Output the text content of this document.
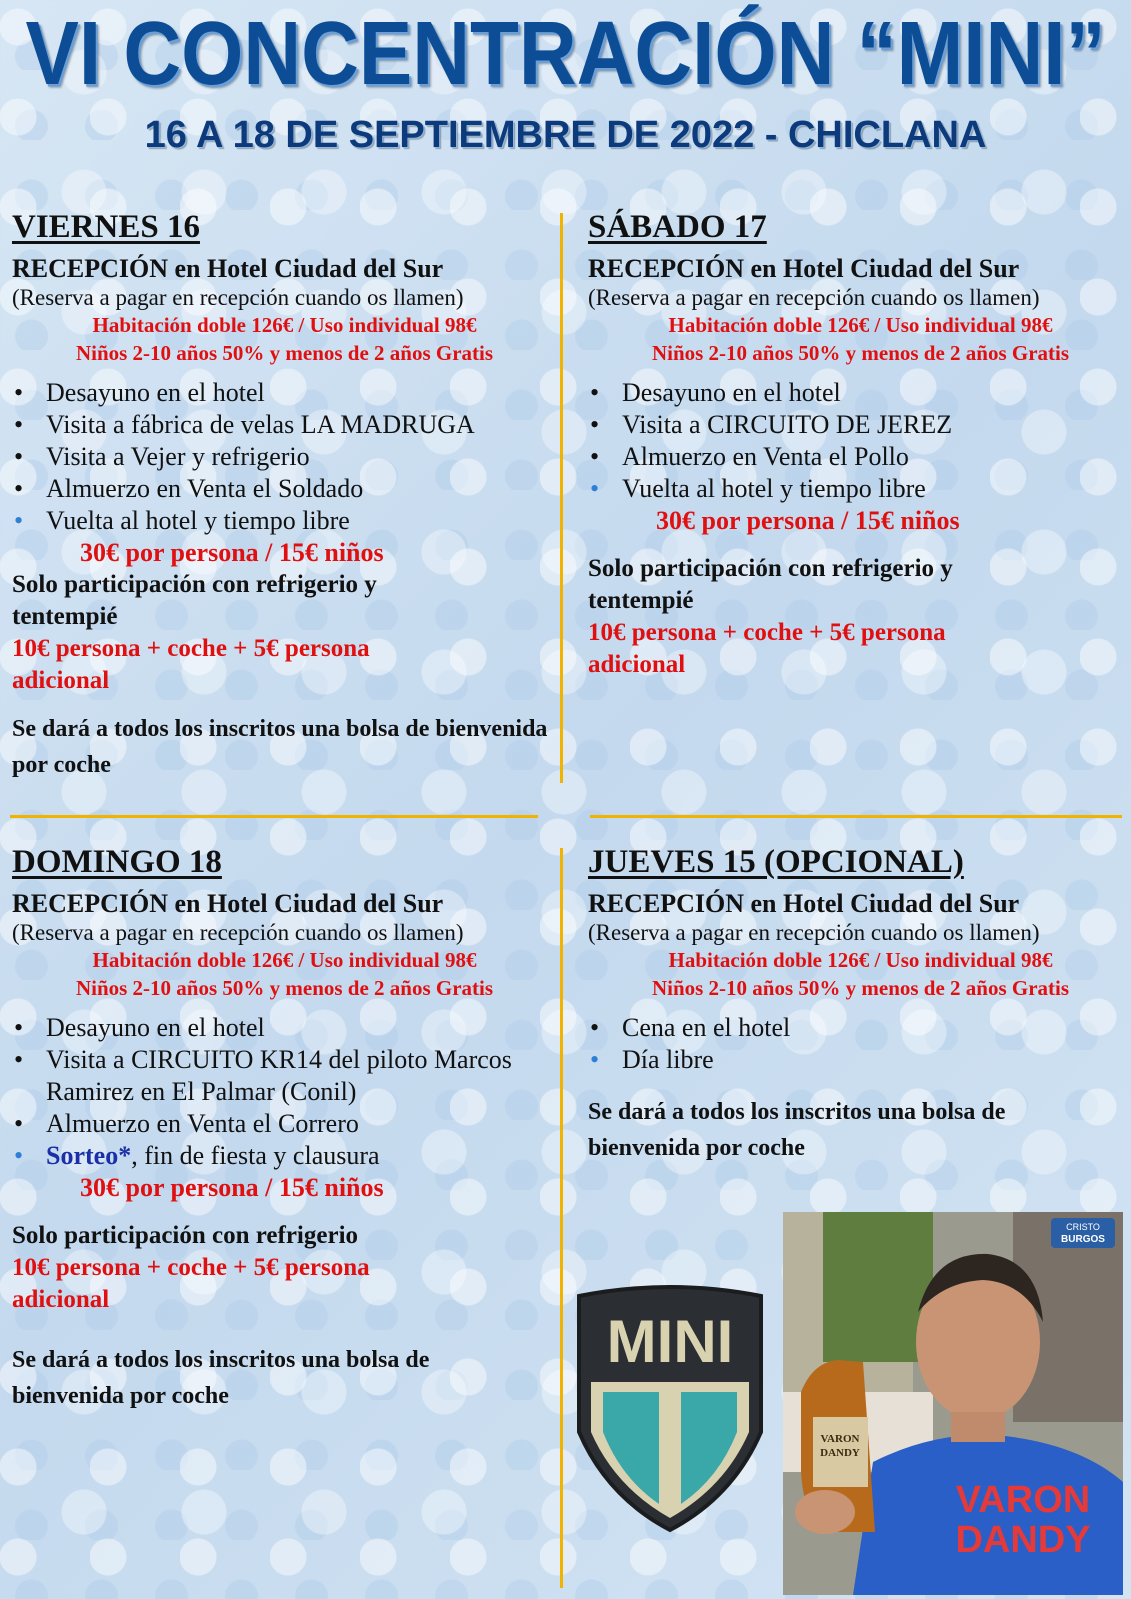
VI CONCENTRACIÓN “MINI”
16 A 18 DE SEPTIEMBRE DE 2022 - CHICLANA
VIERNES 16
RECEPCIÓN en Hotel Ciudad del Sur
(Reserva a pagar en recepción cuando os llamen)
Habitación doble 126€ / Uso individual 98€
Niños 2-10 años 50% y menos de 2 años Gratis
• Desayuno en el hotel
• Visita a fábrica de velas LA MADRUGA
• Visita a Vejer y refrigerio
• Almuerzo en Venta el Soldado
• Vuelta al hotel y tiempo libre
30€ por persona / 15€ niños
Solo participación con refrigerio y tentempié
10€ persona + coche + 5€ persona adicional
Se dará a todos los inscritos una bolsa de bienvenida por coche
SÁBADO 17
RECEPCIÓN en Hotel Ciudad del Sur
(Reserva a pagar en recepción cuando os llamen)
Habitación doble 126€ / Uso individual 98€
Niños 2-10 años 50% y menos de 2 años Gratis
• Desayuno en el hotel
• Visita a CIRCUITO DE JEREZ
• Almuerzo en Venta el Pollo
• Vuelta al hotel y tiempo libre
30€ por persona / 15€ niños
Solo participación con refrigerio y tentempié
10€ persona + coche + 5€ persona adicional
DOMINGO 18
RECEPCIÓN en Hotel Ciudad del Sur
(Reserva a pagar en recepción cuando os llamen)
Habitación doble 126€ / Uso individual 98€
Niños 2-10 años 50% y menos de 2 años Gratis
• Desayuno en el hotel
• Visita a CIRCUITO KR14 del piloto Marcos Ramirez en El Palmar (Conil)
• Almuerzo en Venta el Correro
• Sorteo*, fin de fiesta y clausura
30€ por persona / 15€ niños
Solo participación con refrigerio
10€ persona + coche + 5€ persona adicional
Se dará a todos los inscritos una bolsa de bienvenida por coche
JUEVES 15 (OPCIONAL)
RECEPCIÓN en Hotel Ciudad del Sur
(Reserva a pagar en recepción cuando os llamen)
Habitación doble 126€ / Uso individual 98€
Niños 2-10 años 50% y menos de 2 años Gratis
• Cena en el hotel
• Día libre
Se dará a todos los inscritos una bolsa de bienvenida por coche
MINI
CRISTO
BURGOS
VARON
DANDY
VARON
DANDY
